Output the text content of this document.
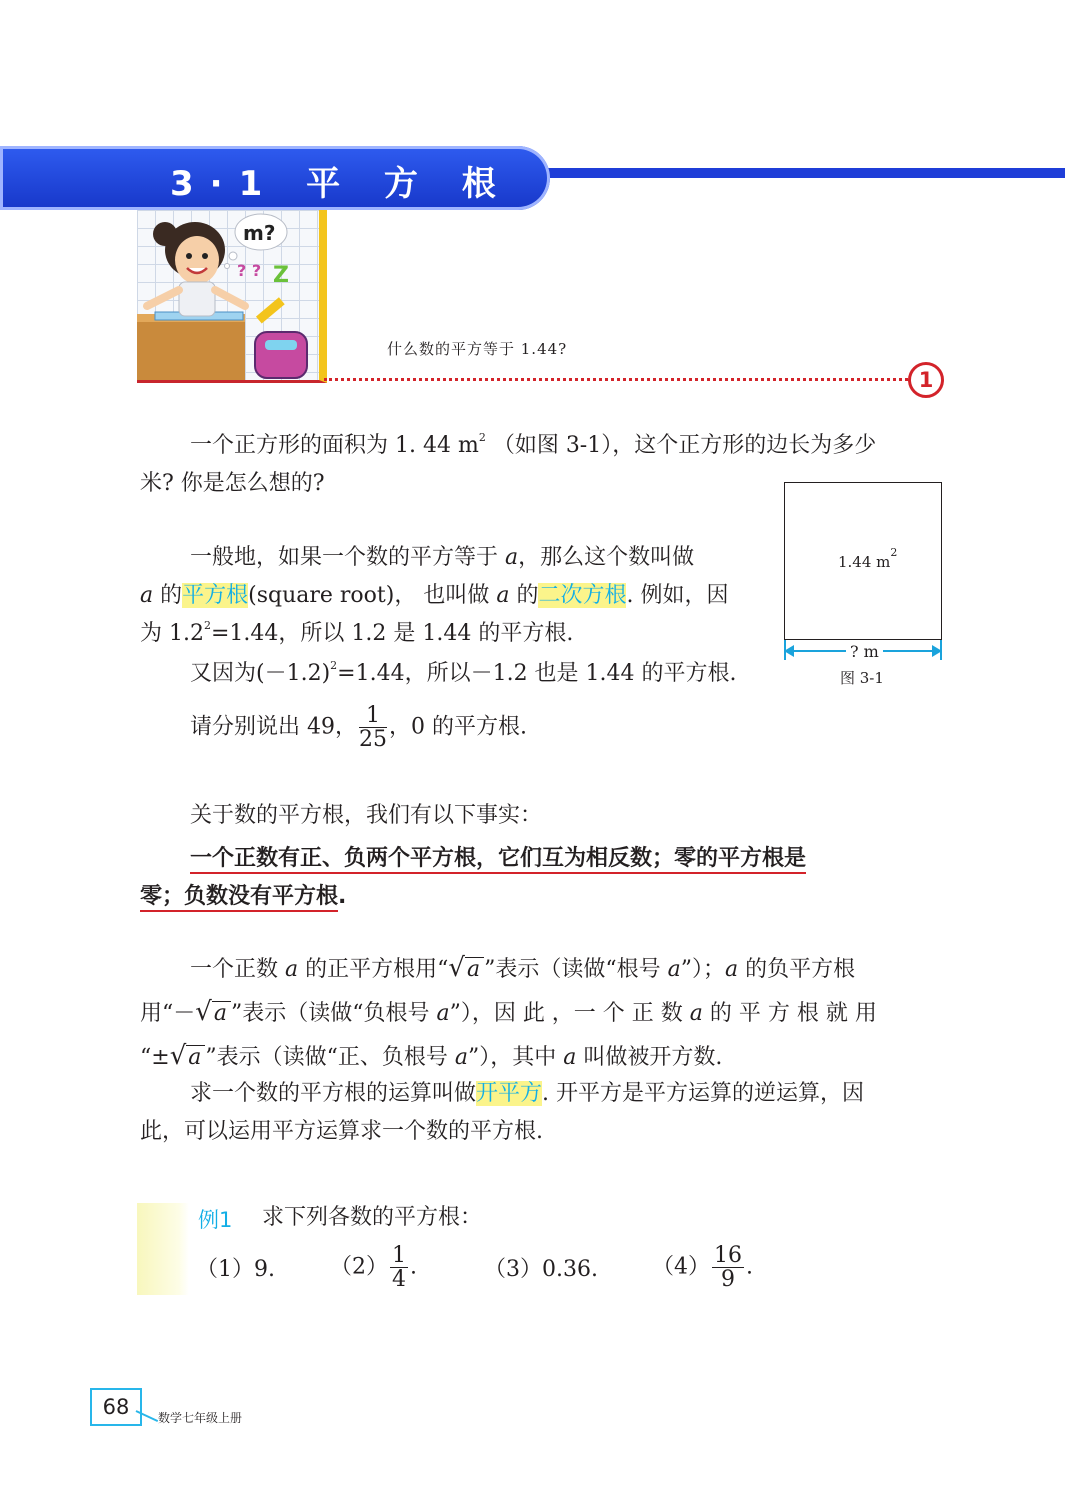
3·1 平 方 根
m?
? ? Z
什么数的平方等于 1.44?
1
一个正方形的面积为 1. 44 $m^2$ （如图 3-1），这个正方形的边长为多少
米? 你是怎么想的?
一般地，如果一个数的平方等于 a，那么这个数叫做
a 的平方根(square root)， 也叫做 a 的二次方根. 例如，因
为 $1.2^2=1.44$，所以 1.2 是 1.44 的平方根.
又因为$(-1.2)^2=1.44$，所以－1.2 也是 1.44 的平方根.
请分别说出 49， $\frac{1}{25}$ ，0 的平方根.
1.44 $m^2$
? m
图 3-1
关于数的平方根，我们有以下事实：
一个正数有正、负两个平方根，它们互为相反数；零的平方根是
零；负数没有平方根.
一个正数 a 的正平方根用“√a ”表示（读做“根号 a”）；a 的负平方根
用“－√a ”表示（读做“负根号 a”），因 此 ，一 个 正 数 a 的 平 方 根 就 用
“±√a ”表示（读做“正、负根号 a”），其中 a 叫做被开方数.
求一个数的平方根的运算叫做开平方. 开平方是平方运算的逆运算，因
此，可以运用平方运算求一个数的平方根.
例1 求下列各数的平方根：
（1）9.	$(2) \frac{1}{4}$ .	（3）0.36. $(4) \frac{16}{9}$ .
68	数学七年级上册
